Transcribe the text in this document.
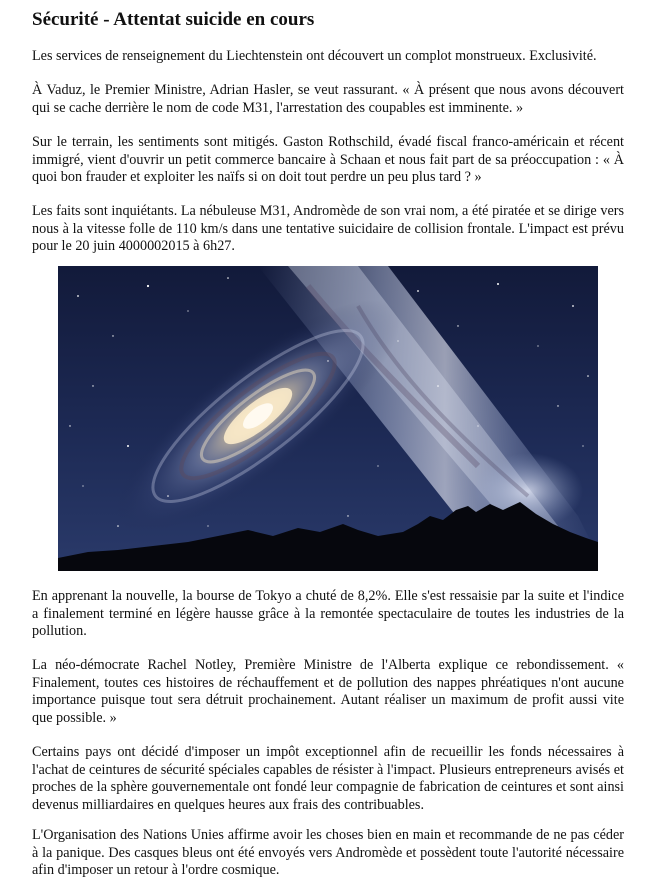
Sécurité - Attentat suicide en cours

Les services de renseignement du Liechtenstein ont découvert un complot monstrueux. Exclusivité.

À Vaduz, le Premier Ministre, Adrian Hasler, se veut rassurant. « À présent que nous avons découvert qui se cache derrière le nom de code M31, l'arrestation des coupables est imminente. »

Sur le terrain, les sentiments sont mitigés. Gaston Rothschild, évadé fiscal franco-américain et récent immigré, vient d'ouvrir un petit commerce bancaire à Schaan et nous fait part de sa préoccupation : « À quoi bon frauder et exploiter les naïfs si on doit tout perdre un peu plus tard ? »

Les faits sont inquiétants. La nébuleuse M31, Andromède de son vrai nom, a été piratée et se dirige vers nous à la vitesse folle de 110 km/s dans une tentative suicidaire de collision frontale. L'impact est prévu pour le 20 juin 4000002015 à 6h27.

En apprenant la nouvelle, la bourse de Tokyo a chuté de 8,2%. Elle s'est ressaisie par la suite et l'indice a finalement terminé en légère hausse grâce à la remontée spectaculaire de toutes les industries de la pollution.

La néo-démocrate Rachel Notley, Première Ministre de l'Alberta explique ce rebondissement. « Finalement, toutes ces histoires de réchauffement et de pollution des nappes phréatiques n'ont aucune importance puisque tout sera détruit prochainement. Autant réaliser un maximum de profit aussi vite que possible. »

Certains pays ont décidé d'imposer un impôt exceptionnel afin de recueillir les fonds nécessaires à l'achat de ceintures de sécurité spéciales capables de résister à l'impact. Plusieurs entrepreneurs avisés et proches de la sphère gouvernementale ont fondé leur compagnie de fabrication de ceintures et sont ainsi devenus milliardaires en quelques heures aux frais des contribuables.

L'Organisation des Nations Unies affirme avoir les choses bien en main et recommande de ne pas céder à la panique. Des casques bleus ont été envoyés vers Andromède et possèdent toute l'autorité nécessaire afin d'imposer un retour à l'ordre cosmique.
